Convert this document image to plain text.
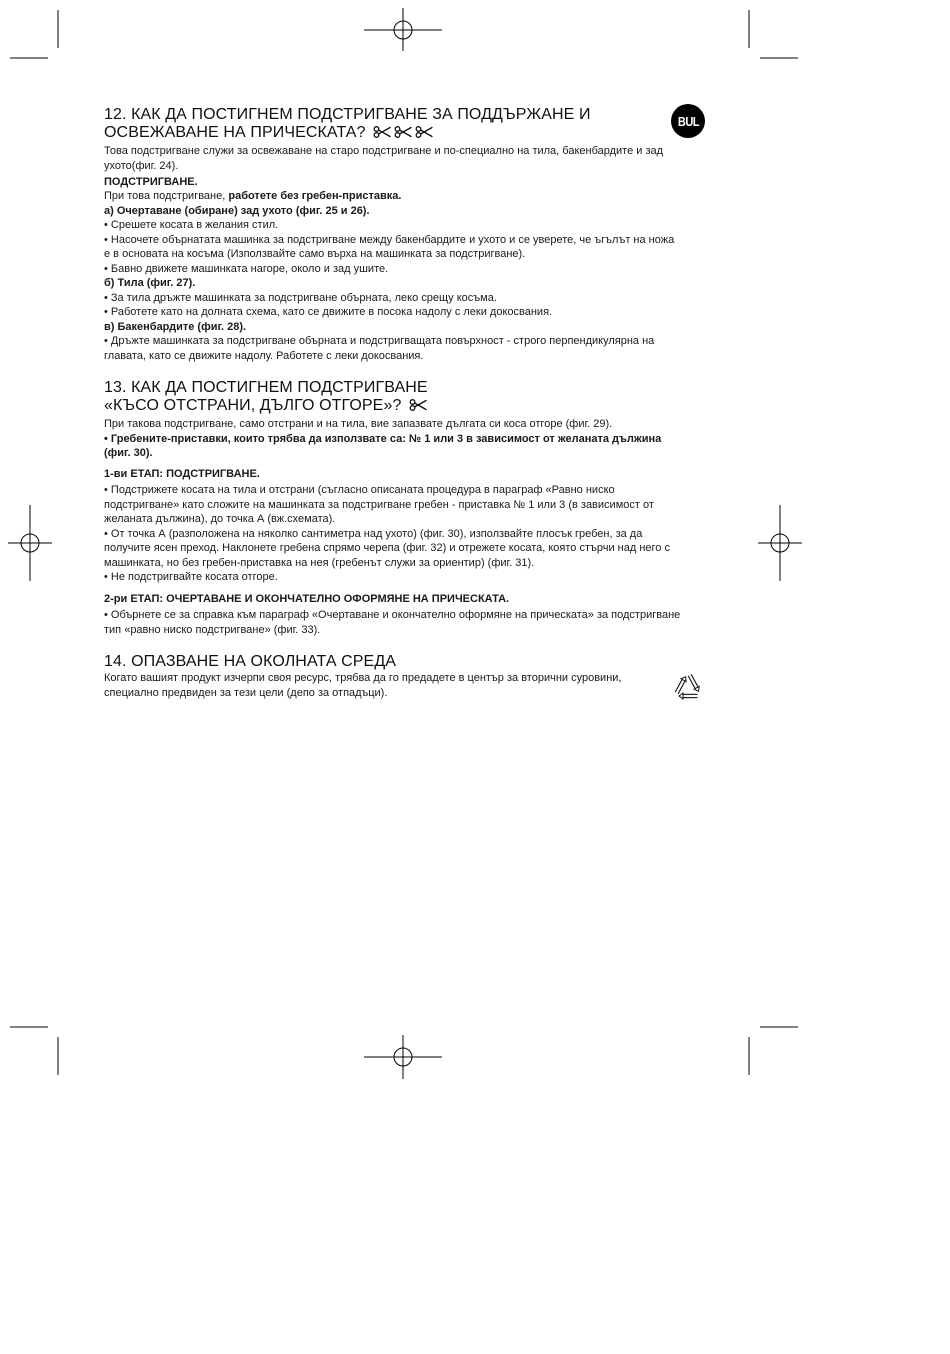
BUL
12. КАК ДА ПОСТИГНЕМ ПОДСТРИГВАНЕ ЗА ПОДДЪРЖАНЕ И
ОСВЕЖАВАНЕ НА ПРИЧЕСКАТА?
Това подстригване служи за освежаване на старо подстригване и по-специално на тила, бакенбардите и зад
ухото(фиг. 24).
ПОДСТРИГВАНЕ.
При това подстригване, работете без гребен-приставка.
а) Очертаване (обиране) зад ухото (фиг. 25 и 26).
• Срешете косата в желания стил.
• Насочете обърнатата машинка за подстригване между бакенбардите и ухото и се уверете, че ъгълът на ножа
е в основата на косъма (Използвайте само върха на машинката за подстригване).
• Бавно движете машинката нагоре, около и зад ушите.
б) Тила (фиг. 27).
• За тила дръжте машинката за подстригване обърната, леко срещу косъма.
• Работете като на долната схема, като се движите в посока надолу с леки докосвания.
в) Бакенбардите (фиг. 28).
• Дръжте машинката за подстригване обърната и подстригващата повърхност - строго перпендикулярна на
главата, като се движите надолу. Работете с леки докосвания.
13. КАК ДА ПОСТИГНЕМ ПОДСТРИГВАНЕ
«КЪСО ОТСТРАНИ, ДЪЛГО ОТГОРЕ»?
При такова подстригване, само отстрани и на тила, вие запазвате дългата си коса отгоре (фиг. 29).
• Гребените-приставки, които трябва да използвате са: № 1 или 3 в зависимост от желаната дължина
(фиг. 30).
1-ви ЕТАП: ПОДСТРИГВАНЕ.
• Подстрижете косата на тила и отстрани (съгласно описаната процедура в параграф «Равно ниско
подстригване» като сложите на машинката за подстригване гребен - приставка № 1 или 3 (в зависимост от
желаната дължина), до точка А (вж.схемата).
• От точка А (разположена на няколко сантиметра над ухото) (фиг. 30), използвайте плосък гребен, за да
получите ясен преход. Наклонете гребена спрямо черепа (фиг. 32) и отрежете косата, която стърчи над него с
машинката, но без гребен-приставка на нея (гребенът служи за ориентир) (фиг. 31).
• Не подстригвайте косата отгоре.
2-ри ЕТАП: ОЧЕРТАВАНЕ И ОКОНЧАТЕЛНО ОФОРМЯНЕ НА ПРИЧЕСКАТА.
• Обърнете се за справка към параграф «Очертаване и окончателно оформяне на прическата» за подстригване
тип «равно ниско подстригване» (фиг. 33).
14. ОПАЗВАНЕ НА ОКОЛНАТА СРЕДА
Когато вашият продукт изчерпи своя ресурс, трябва да го предадете в център за вторични суровини,
специално предвиден за тези цели (депо за отпадъци).
